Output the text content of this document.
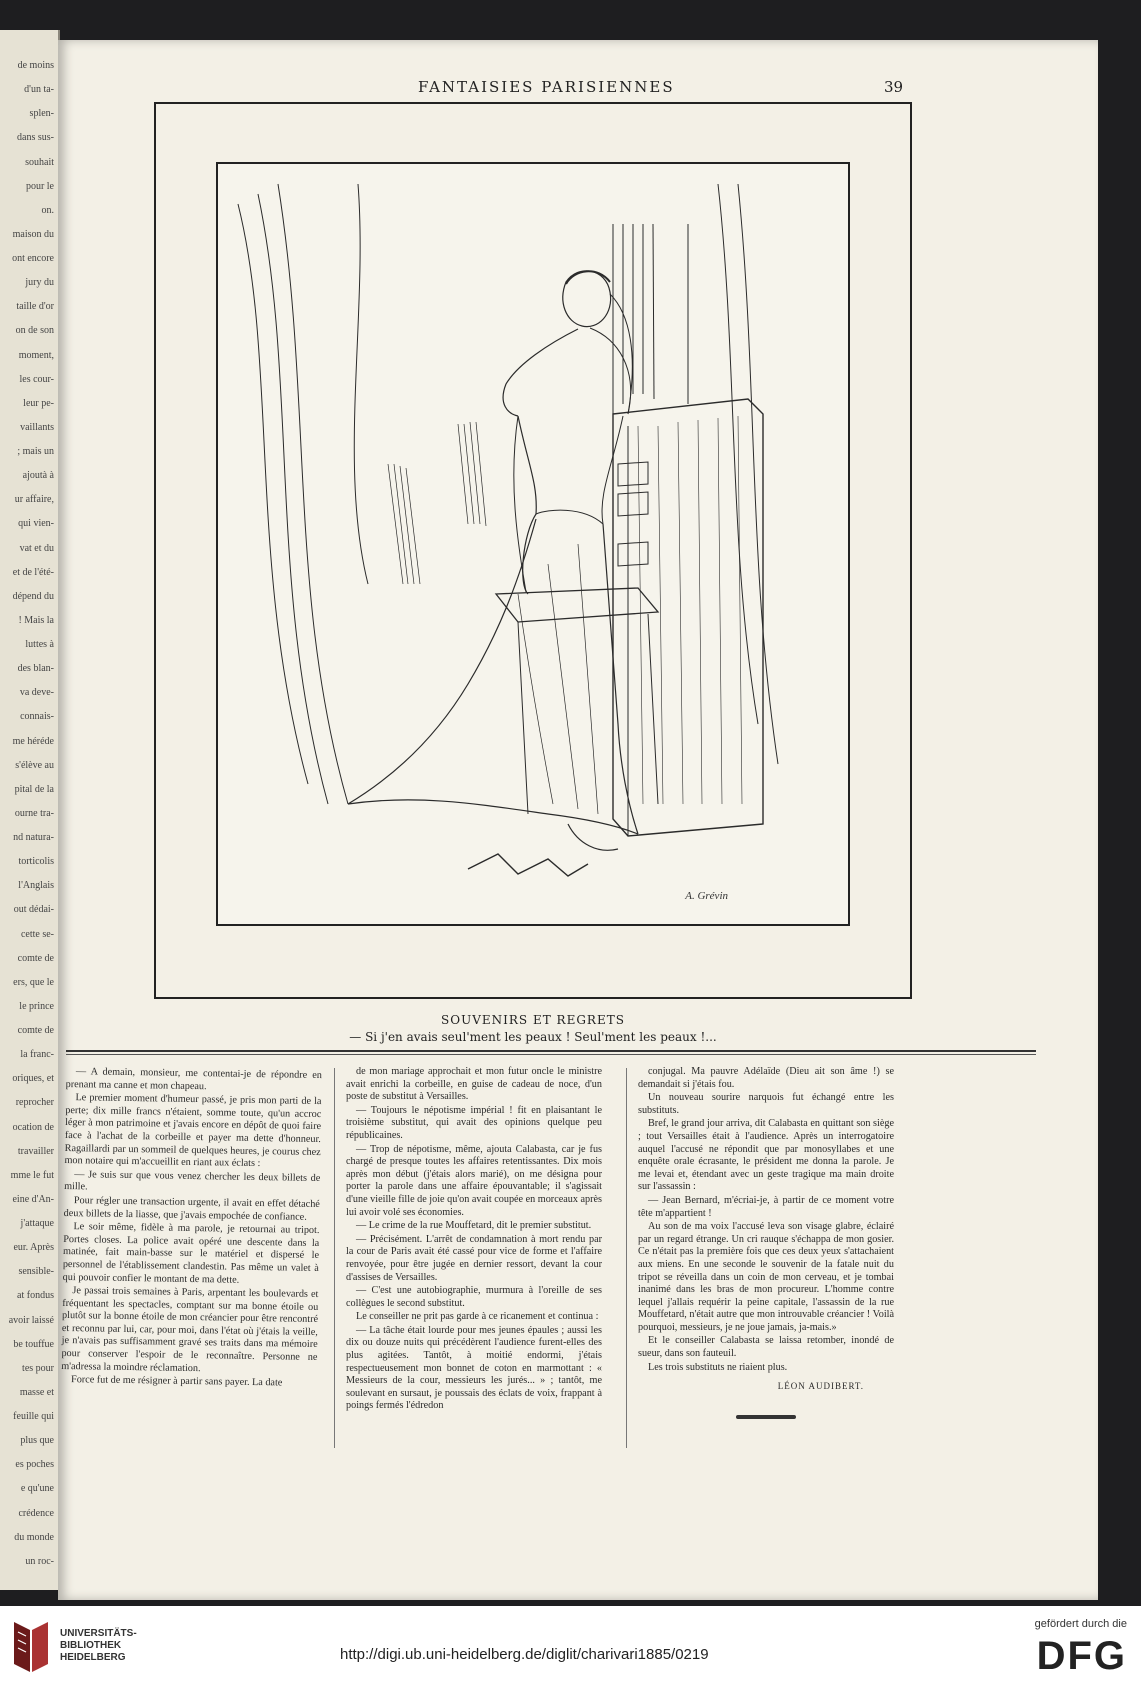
de moins
d'un ta-
splen-
dans sus-
souhait
pour le
on.
maison du
ont encore
jury du
taille d'or
on de son
moment,
les cour-
leur pe-
vaillants
; mais un
ajoutà à
ur affaire,
qui vien-
vat et du
et de l'été-
dépend du
! Mais la
luttes à
des blan-
va deve-
connais-
me héréde
s'élève au
pital de la
ourne tra-
nd natura-
torticolis
l'Anglais
out dédai-
cette se-
comte de
ers, que le
le prince
comte de
la franc-
oriques, et
reprocher
ocation de
travailler
mme le fut
eine d'An-
j'attaque
eur. Après
sensible-
at fondus
avoir laissé
be touffue
tes pour
masse et
feuille qui
plus que
es poches
e qu'une
crédence
du monde
un roc-
FANTAISIES PARISIENNES	39
A. Grévin
SOUVENIRS ET REGRETS
— Si j'en avais seul'ment les peaux ! Seul'ment les peaux !...

— A demain, monsieur, me contentai-je de répondre en prenant ma canne et mon chapeau.

Le premier moment d'humeur passé, je pris mon parti de la perte; dix mille francs n'étaient, somme toute, qu'un accroc léger à mon patrimoine et j'avais encore en dépôt de quoi faire face à l'achat de la corbeille et payer ma dette d'honneur. Ragaillardi par un sommeil de quelques heures, je courus chez mon notaire qui m'accueillit en riant aux éclats :

— Je suis sur que vous venez chercher les deux billets de mille.

Pour régler une transaction urgente, il avait en effet détaché deux billets de la liasse, que j'avais empochée de confiance.

Le soir même, fidèle à ma parole, je retournai au tripot. Portes closes. La police avait opéré une descente dans la matinée, fait main-basse sur le matériel et dispersé le personnel de l'établissement clandestin. Pas même un valet à qui pouvoir confier le montant de ma dette.

Je passai trois semaines à Paris, arpentant les boulevards et fréquentant les spectacles, comptant sur ma bonne étoile ou plutôt sur la bonne étoile de mon créancier pour être rencontré et reconnu par lui, car, pour moi, dans l'état où j'étais la veille, je n'avais pas suffisamment gravé ses traits dans ma mémoire pour conserver l'espoir de le reconnaître. Personne ne m'adressa la moindre réclamation.

Force fut de me résigner à partir sans payer. La date

de mon mariage approchait et mon futur oncle le ministre avait enrichi la corbeille, en guise de cadeau de noce, d'un poste de substitut à Versailles.

— Toujours le népotisme impérial ! fit en plaisantant le troisième substitut, qui avait des opinions quelque peu républicaines.

— Trop de népotisme, même, ajouta Calabasta, car je fus chargé de presque toutes les affaires retentissantes. Dix mois après mon début (j'étais alors marié), on me désigna pour porter la parole dans une affaire épouvantable; il s'agissait d'une vieille fille de joie qu'on avait coupée en morceaux après lui avoir volé ses économies.

— Le crime de la rue Mouffetard, dit le premier substitut.

— Précisément. L'arrêt de condamnation à mort rendu par la cour de Paris avait été cassé pour vice de forme et l'affaire renvoyée, pour être jugée en dernier ressort, devant la cour d'assises de Versailles.

— C'est une autobiographie, murmura à l'oreille de ses collègues le second substitut.

Le conseiller ne prit pas garde à ce ricanement et continua :

— La tâche était lourde pour mes jeunes épaules ; aussi les dix ou douze nuits qui précédèrent l'audience furent-elles des plus agitées. Tantôt, à moitié endormi, j'étais respectueusement mon bonnet de coton en marmottant : « Messieurs de la cour, messieurs les jurés... » ; tantôt, me soulevant en sursaut, je poussais des éclats de voix, frappant à poings fermés l'édredon

conjugal. Ma pauvre Adélaïde (Dieu ait son âme !) se demandait si j'étais fou.

Un nouveau sourire narquois fut échangé entre les substituts.

Bref, le grand jour arriva, dit Calabasta en quittant son siège ; tout Versailles était à l'audience. Après un interrogatoire auquel l'accusé ne répondit que par monosyllabes et une enquête orale écrasante, le président me donna la parole. Je me levai et, étendant avec un geste tragique ma main droite sur l'assassin :

— Jean Bernard, m'écriai-je, à partir de ce moment votre tête m'appartient !

Au son de ma voix l'accusé leva son visage glabre, éclairé par un regard étrange. Un cri rauque s'échappa de mon gosier. Ce n'était pas la première fois que ces deux yeux s'attachaient aux miens. En une seconde le souvenir de la fatale nuit du tripot se réveilla dans un coin de mon cerveau, et je tombai inanimé dans les bras de mon procureur. L'homme contre lequel j'allais requérir la peine capitale, l'assassin de la rue Mouffetard, n'était autre que mon introuvable créancier ! Voilà pourquoi, messieurs, je ne joue jamais, ja-mais.»

Et le conseiller Calabasta se laissa retomber, inondé de sueur, dans son fauteuil.

Les trois substituts ne riaient plus.

LÉON AUDIBERT.
UNIVERSITÄTS-
BIBLIOTHEK
HEIDELBERG	http://digi.ub.uni-heidelberg.de/diglit/charivari1885/0219
gefördert durch die
DFG
